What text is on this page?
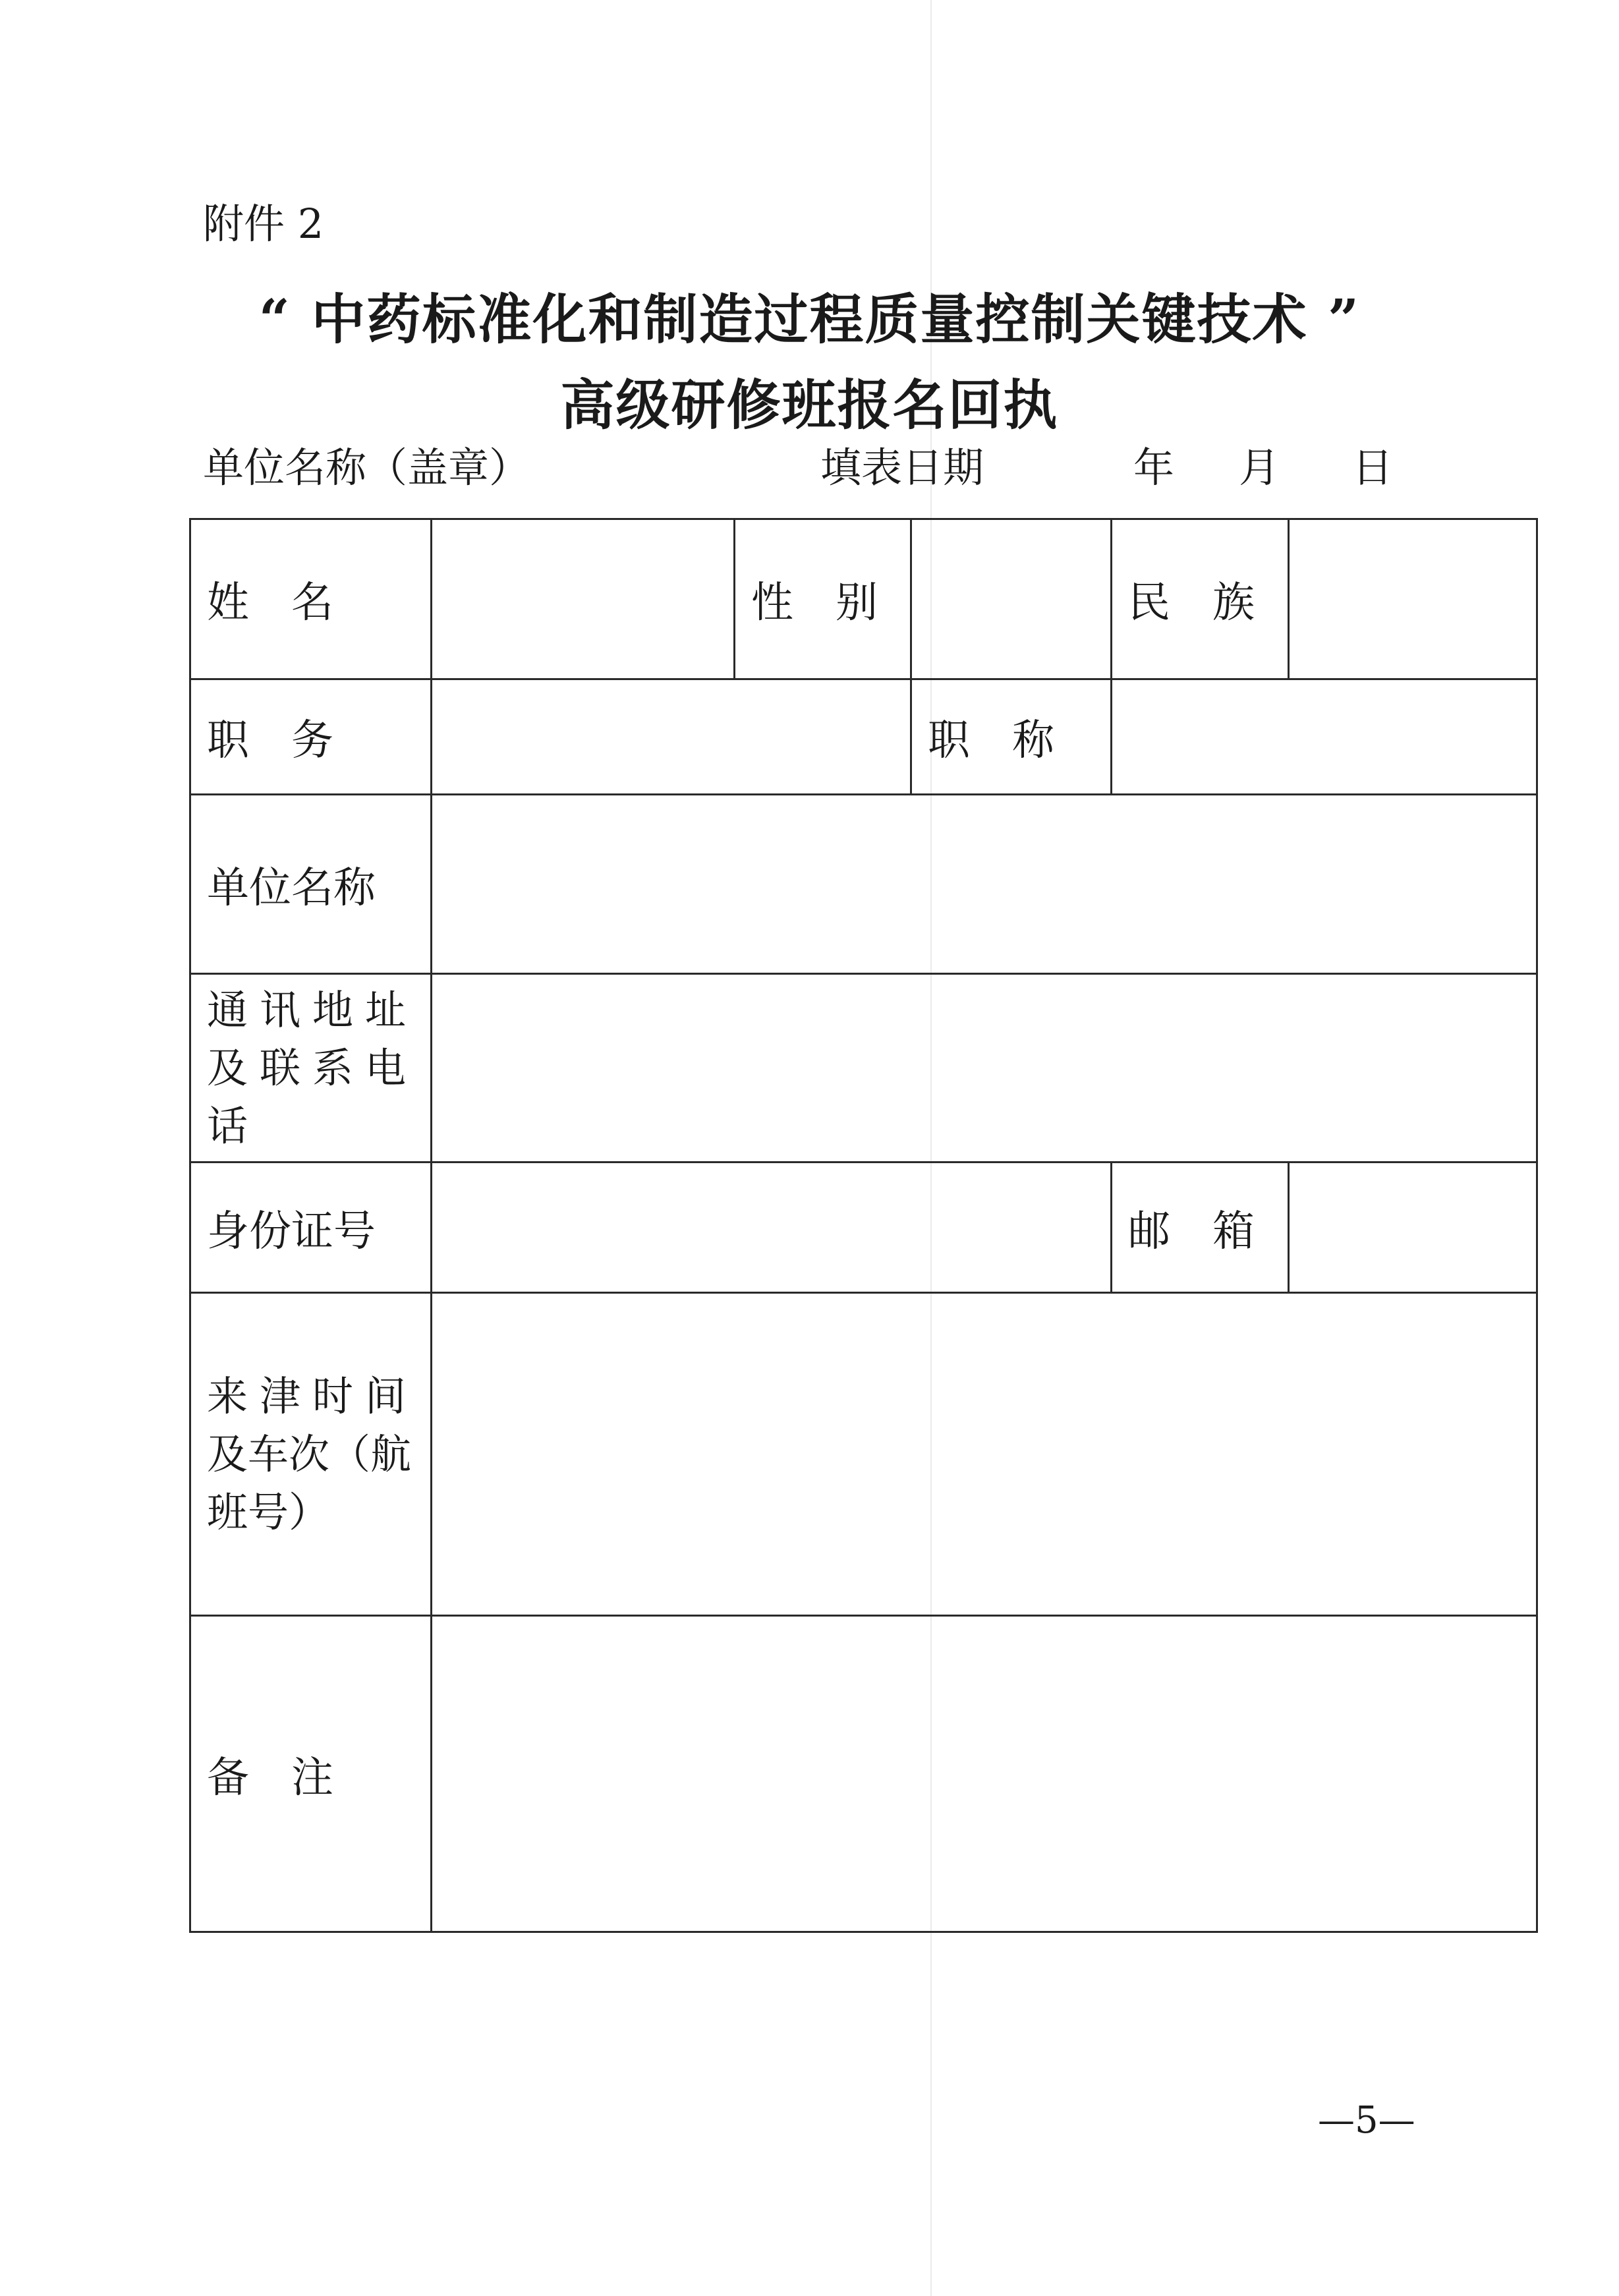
附件 2
“ 中药标准化和制造过程质量控制关键技术 ”
高级研修班报名回执
单位名称（盖章）	填表日期	年 月 日
姓　名		性　别		民　族	
职　务			职　称		
单位名称					

通讯地址
及联系电
话					

身份证号				邮　箱	

来津时间
及车次（航
班号）					

备　注					
—5—
